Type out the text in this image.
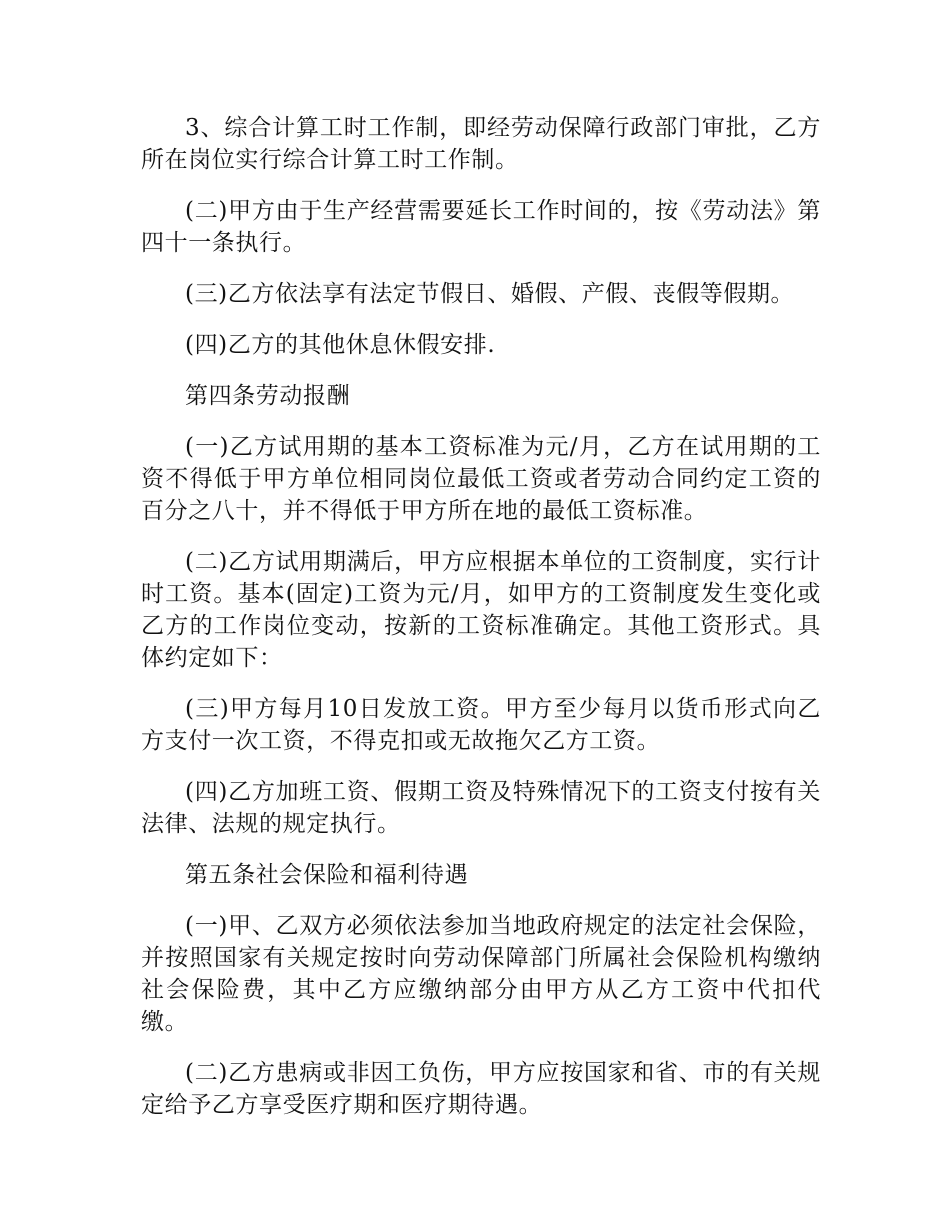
3、综合计算工时工作制，即经劳动保障行政部门审批，乙方所在岗位实行综合计算工时工作制。

(二)甲方由于生产经营需要延长工作时间的，按《劳动法》第四十一条执行。

(三)乙方依法享有法定节假日、婚假、产假、丧假等假期。

(四)乙方的其他休息休假安排.

第四条劳动报酬

(一)乙方试用期的基本工资标准为元/月，乙方在试用期的工资不得低于甲方单位相同岗位最低工资或者劳动合同约定工资的百分之八十，并不得低于甲方所在地的最低工资标准。

(二)乙方试用期满后，甲方应根据本单位的工资制度，实行计时工资。基本(固定)工资为元/月，如甲方的工资制度发生变化或乙方的工作岗位变动，按新的工资标准确定。其他工资形式。具体约定如下：

(三)甲方每月10日发放工资。甲方至少每月以货币形式向乙方支付一次工资，不得克扣或无故拖欠乙方工资。

(四)乙方加班工资、假期工资及特殊情况下的工资支付按有关法律、法规的规定执行。

第五条社会保险和福利待遇

(一)甲、乙双方必须依法参加当地政府规定的法定社会保险，并按照国家有关规定按时向劳动保障部门所属社会保险机构缴纳社会保险费，其中乙方应缴纳部分由甲方从乙方工资中代扣代缴。

(二)乙方患病或非因工负伤，甲方应按国家和省、市的有关规定给予乙方享受医疗期和医疗期待遇。
